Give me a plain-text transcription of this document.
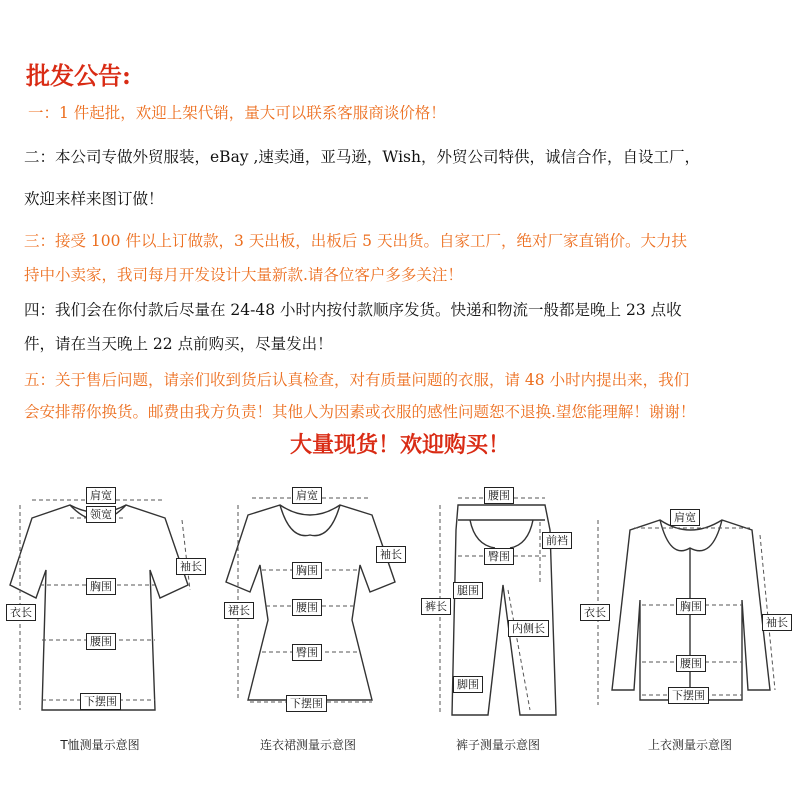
批发公告:
一：1 件起批，欢迎上架代销，量大可以联系客服商谈价格！
二：本公司专做外贸服装，eBay ,速卖通，亚马逊，Wish，外贸公司特供，诚信合作，自设工厂，
欢迎来样来图订做！
三：接受 100 件以上订做款，3 天出板，出板后 5 天出货。自家工厂，绝对厂家直销价。大力扶
持中小卖家，我司每月开发设计大量新款.请各位客户多多关注！
四：我们会在你付款后尽量在 24-48 小时内按付款顺序发货。快递和物流一般都是晚上 23 点收
件，请在当天晚上 22 点前购买，尽量发出！
五：关于售后问题，请亲们收到货后认真检查，对有质量问题的衣服，请 48 小时内提出来，我们
会安排帮你换货。邮费由我方负责！其他人为因素或衣服的感性问题恕不退换.望您能理解！谢谢！
大量现货！欢迎购买！
肩宽
领宽
袖长
胸围
衣长
腰围
下摆围
肩宽
袖长
胸围
裙长	腰围
臀围
下摆围
腰围
前裆
臀围
腿围
裤长
内侧长
脚围
肩宽
衣长	胸围
袖长
腰围
下摆围
T恤测量示意图	连衣裙测量示意图	裤子测量示意图	上衣测量示意图
